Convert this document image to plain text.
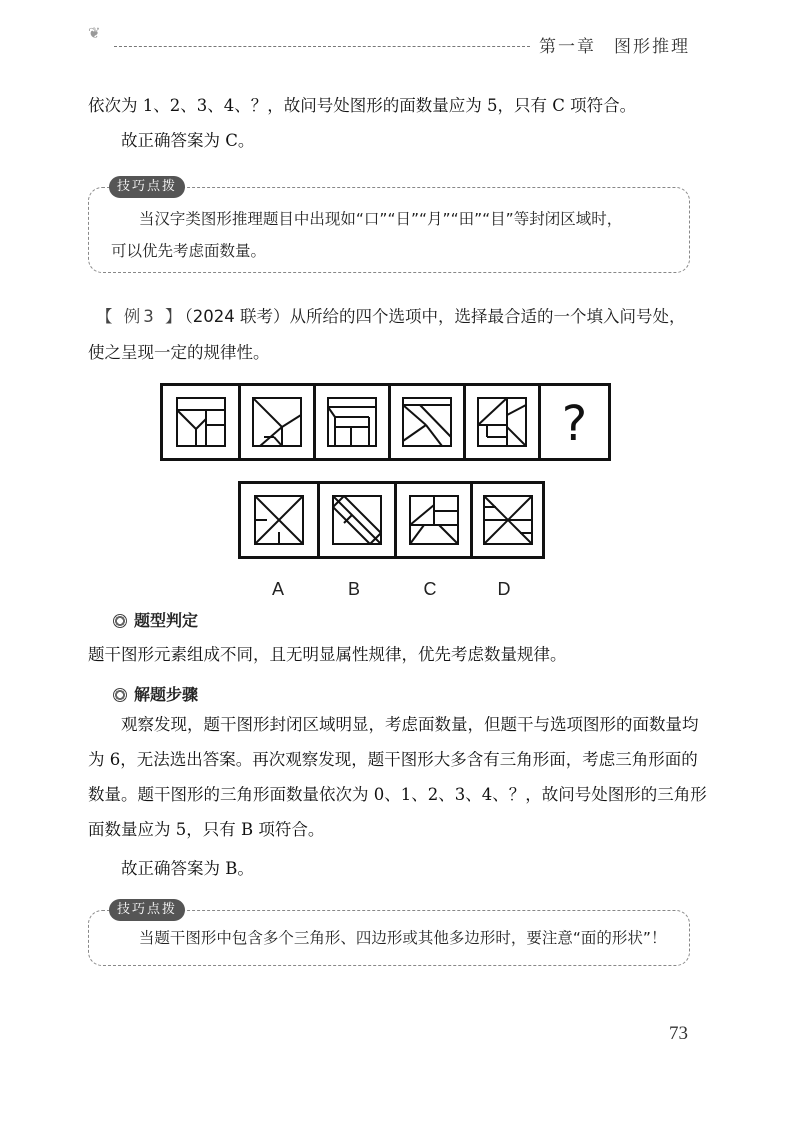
❦
第一章 图形推理

依次为 1、2、3、4、？，故问号处图形的面数量应为 5，只有 C 项符合。

故正确答案为 C。

技巧点拨
当汉字类图形推理题目中出现如“口”“日”“月”“田”“目”等封闭区域时，
可以优先考虑面数量。
【 例3 】（2024 联考）从所给的四个选项中，选择最合适的一个填入问号处，
使之呈现一定的规律性。
?
A	B	C	D
题型判定

题干图形元素组成不同，且无明显属性规律，优先考虑数量规律。

解题步骤

观察发现，题干图形封闭区域明显，考虑面数量，但题干与选项图形的面数量均

为 6，无法选出答案。再次观察发现，题干图形大多含有三角形面，考虑三角形面的

数量。题干图形的三角形面数量依次为 0、1、2、3、4、？，故问号处图形的三角形

面数量应为 5，只有 B 项符合。

故正确答案为 B。

技巧点拨
当题干图形中包含多个三角形、四边形或其他多边形时，要注意“面的形状”！
73
